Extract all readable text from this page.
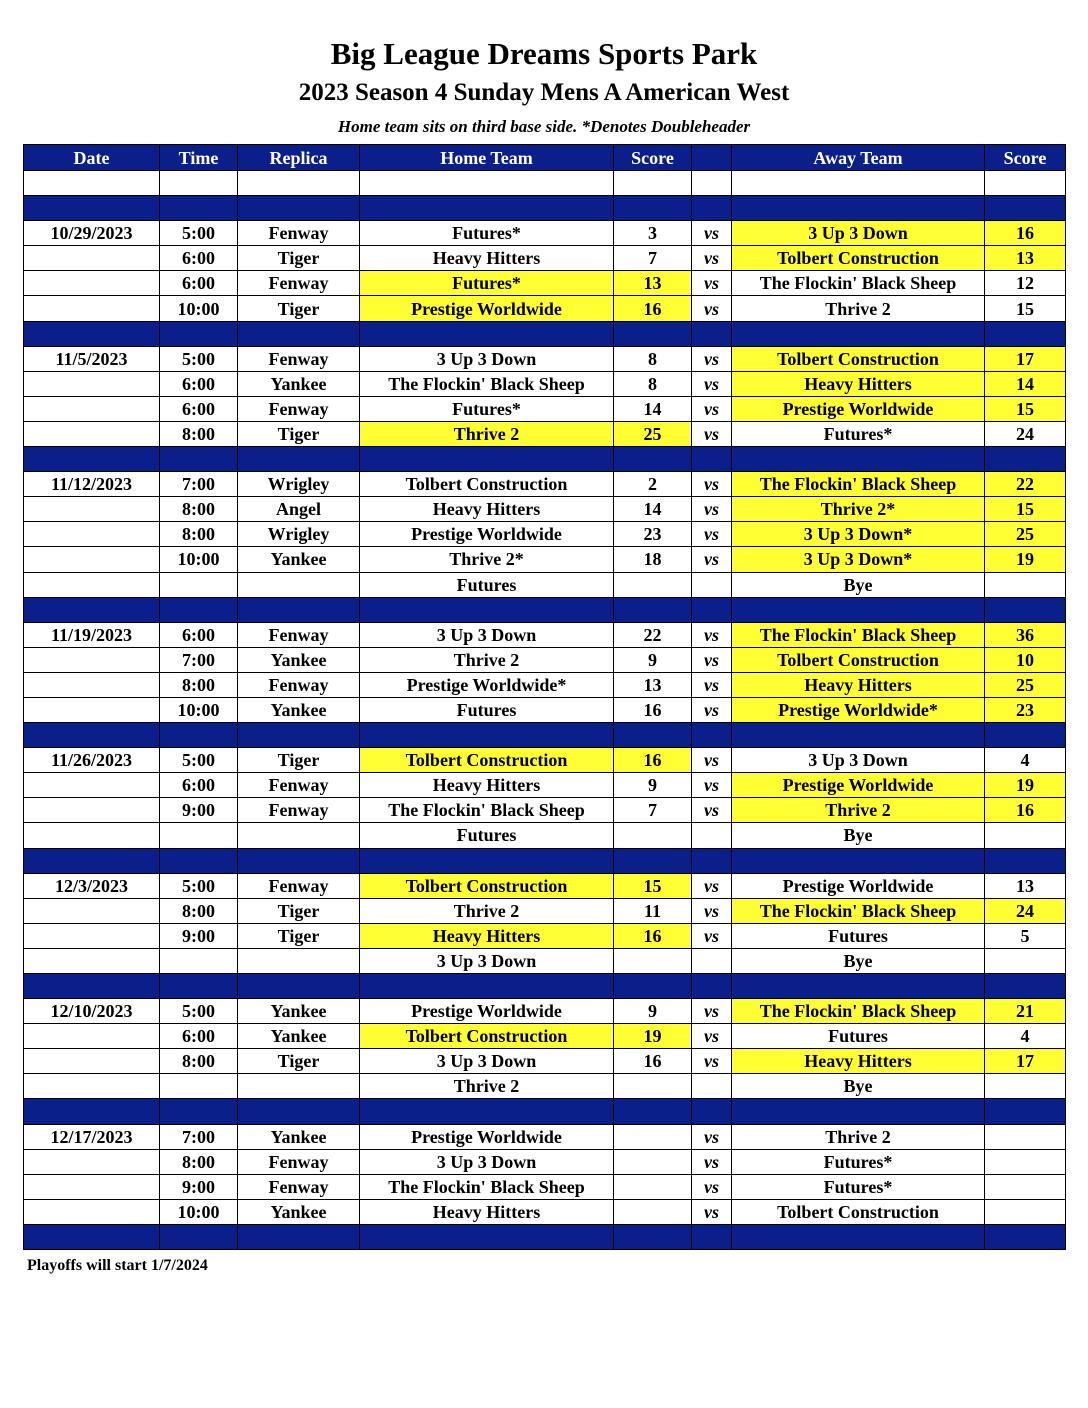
Big League Dreams Sports Park
2023 Season 4 Sunday Mens A American West
Home team sits on third base side. *Denotes Doubleheader
Date	Time	Replica	Home Team	Score		Away Team	Score

10/29/2023	5:00	Fenway	Futures*	3	vs	3 Up 3 Down	16
	6:00	Tiger	Heavy Hitters	7	vs	Tolbert Construction	13
	6:00	Fenway	Futures*	13	vs	The Flockin' Black Sheep	12
	10:00	Tiger	Prestige Worldwide	16	vs	Thrive 2	15

11/5/2023	5:00	Fenway	3 Up 3 Down	8	vs	Tolbert Construction	17
	6:00	Yankee	The Flockin' Black Sheep	8	vs	Heavy Hitters	14
	6:00	Fenway	Futures*	14	vs	Prestige Worldwide	15
	8:00	Tiger	Thrive 2	25	vs	Futures*	24

11/12/2023	7:00	Wrigley	Tolbert Construction	2	vs	The Flockin' Black Sheep	22
	8:00	Angel	Heavy Hitters	14	vs	Thrive 2*	15
	8:00	Wrigley	Prestige Worldwide	23	vs	3 Up 3 Down*	25
	10:00	Yankee	Thrive 2*	18	vs	3 Up 3 Down*	19
			Futures			Bye	

11/19/2023	6:00	Fenway	3 Up 3 Down	22	vs	The Flockin' Black Sheep	36
	7:00	Yankee	Thrive 2	9	vs	Tolbert Construction	10
	8:00	Fenway	Prestige Worldwide*	13	vs	Heavy Hitters	25
	10:00	Yankee	Futures	16	vs	Prestige Worldwide*	23

11/26/2023	5:00	Tiger	Tolbert Construction	16	vs	3 Up 3 Down	4
	6:00	Fenway	Heavy Hitters	9	vs	Prestige Worldwide	19
	9:00	Fenway	The Flockin' Black Sheep	7	vs	Thrive 2	16
			Futures			Bye	

12/3/2023	5:00	Fenway	Tolbert Construction	15	vs	Prestige Worldwide	13
	8:00	Tiger	Thrive 2	11	vs	The Flockin' Black Sheep	24
	9:00	Tiger	Heavy Hitters	16	vs	Futures	5
			3 Up 3 Down			Bye	

12/10/2023	5:00	Yankee	Prestige Worldwide	9	vs	The Flockin' Black Sheep	21
	6:00	Yankee	Tolbert Construction	19	vs	Futures	4
	8:00	Tiger	3 Up 3 Down	16	vs	Heavy Hitters	17
			Thrive 2			Bye	

12/17/2023	7:00	Yankee	Prestige Worldwide		vs	Thrive 2	
	8:00	Fenway	3 Up 3 Down		vs	Futures*	
	9:00	Fenway	The Flockin' Black Sheep		vs	Futures*	
	10:00	Yankee	Heavy Hitters		vs	Tolbert Construction	

Playoffs will start 1/7/2024
